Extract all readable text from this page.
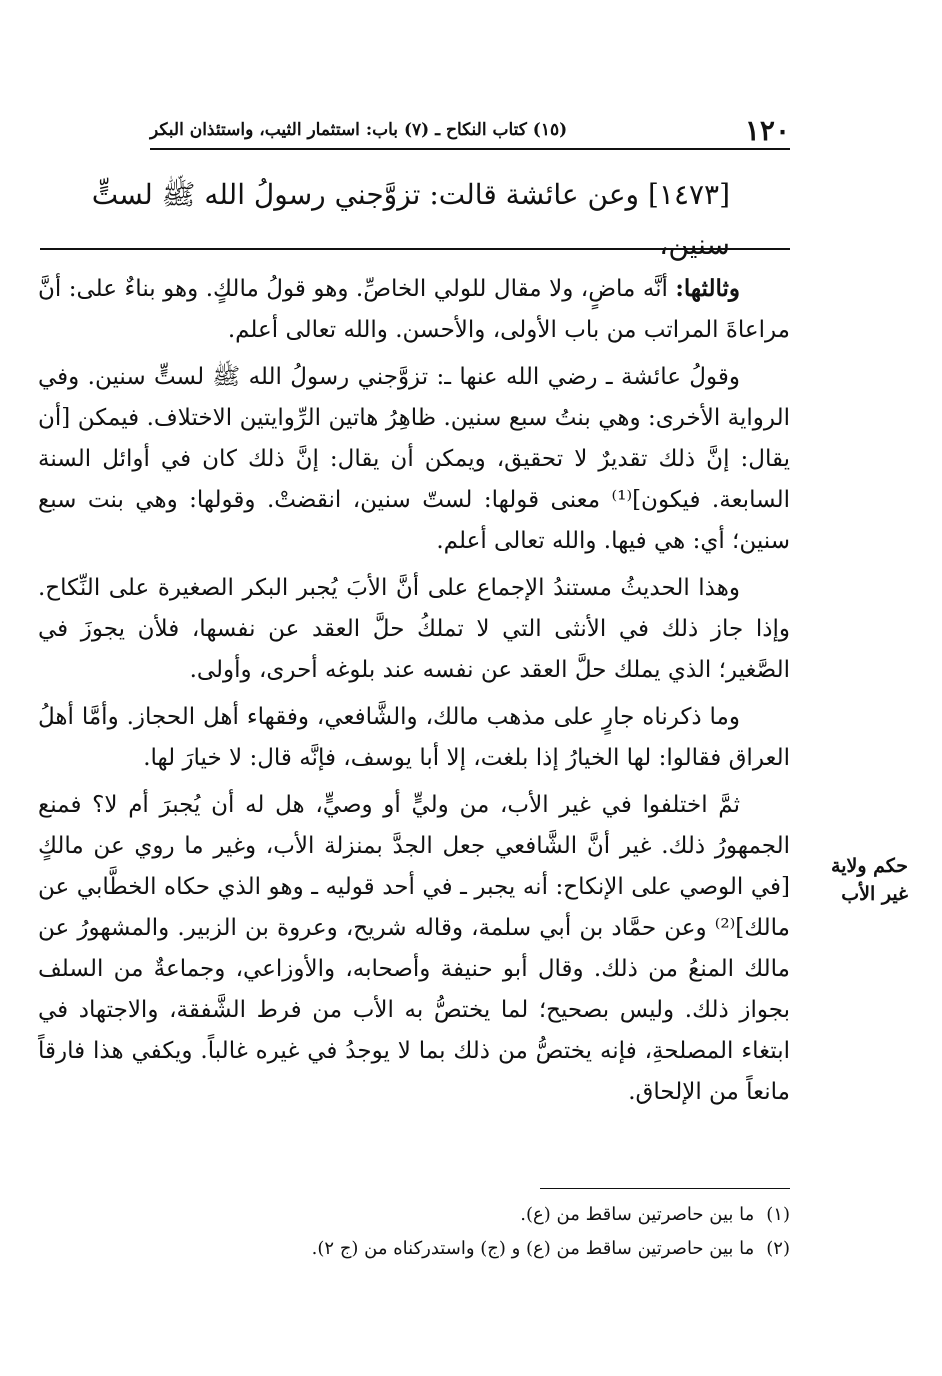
١٢٠
(١٥) كتاب النكاح ـ (٧) باب: استثمار الثيب، واستئذان البكر
[١٤٧٣] وعن عائشة قالت: تزوَّجني رسولُ الله ﷺ لستٍّ سنين،

وثالثها: أنَّه ماضٍ، ولا مقال للولي الخاصِّ. وهو قولُ مالكٍ. وهو بناءٌ على: أنَّ مراعاةَ المراتب من باب الأولى، والأحسن. والله تعالى أعلم.

وقولُ عائشة ـ رضي الله عنها ـ: تزوَّجني رسولُ الله ﷺ لستٍّ سنين. وفي الرواية الأخرى: وهي بنتُ سبع سنين. ظاهِرُ هاتين الرِّوايتين الاختلاف. فيمكن [أن يقال: إنَّ ذلك تقديرٌ لا تحقيق، ويمكن أن يقال: إنَّ ذلك كان في أوائل السنة السابعة. فيكون]⁽¹⁾ معنى قولها: لستّ سنين، انقضتْ. وقولها: وهي بنت سبع سنين؛ أي: هي فيها. والله تعالى أعلم.

وهذا الحديثُ مستندُ الإجماع على أنَّ الأبَ يُجبر البكر الصغيرة على النِّكاح. وإذا جاز ذلك في الأنثى التي لا تملكُ حلَّ العقد عن نفسها، فلأن يجوزَ في الصَّغير؛ الذي يملك حلَّ العقد عن نفسه عند بلوغه أحرى، وأولى.

وما ذكرناه جارٍ على مذهب مالك، والشَّافعي، وفقهاء أهل الحجاز. وأمَّا أهلُ العراق فقالوا: لها الخيارُ إذا بلغت، إلا أبا يوسف، فإنَّه قال: لا خيارَ لها.

ثمَّ اختلفوا في غير الأب، من وليٍّ أو وصيٍّ، هل له أن يُجبرَ أم لا؟ فمنع الجمهورُ ذلك. غير أنَّ الشَّافعي جعل الجدَّ بمنزلة الأب، وغير ما روي عن مالكٍ [في الوصي على الإنكاح: أنه يجبر ـ في أحد قوليه ـ وهو الذي حكاه الخطَّابي عن مالك]⁽²⁾ وعن حمَّاد بن أبي سلمة، وقاله شريح، وعروة بن الزبير. والمشهورُ عن مالك المنعُ من ذلك. وقال أبو حنيفة وأصحابه، والأوزاعي، وجماعةٌ من السلف بجواز ذلك. وليس بصحيح؛ لما يختصُّ به الأب من فرط الشَّفقة، والاجتهاد في ابتغاء المصلحةِ، فإنه يختصُّ من ذلك بما لا يوجدُ في غيره غالباً. ويكفي هذا فارقاً مانعاً من الإلحاق.

حكم ولاية غير الأب
(١)ما بين حاصرتين ساقط من (ع).
(٢)ما بين حاصرتين ساقط من (ع) و (ج) واستدركناه من (ج ٢).
